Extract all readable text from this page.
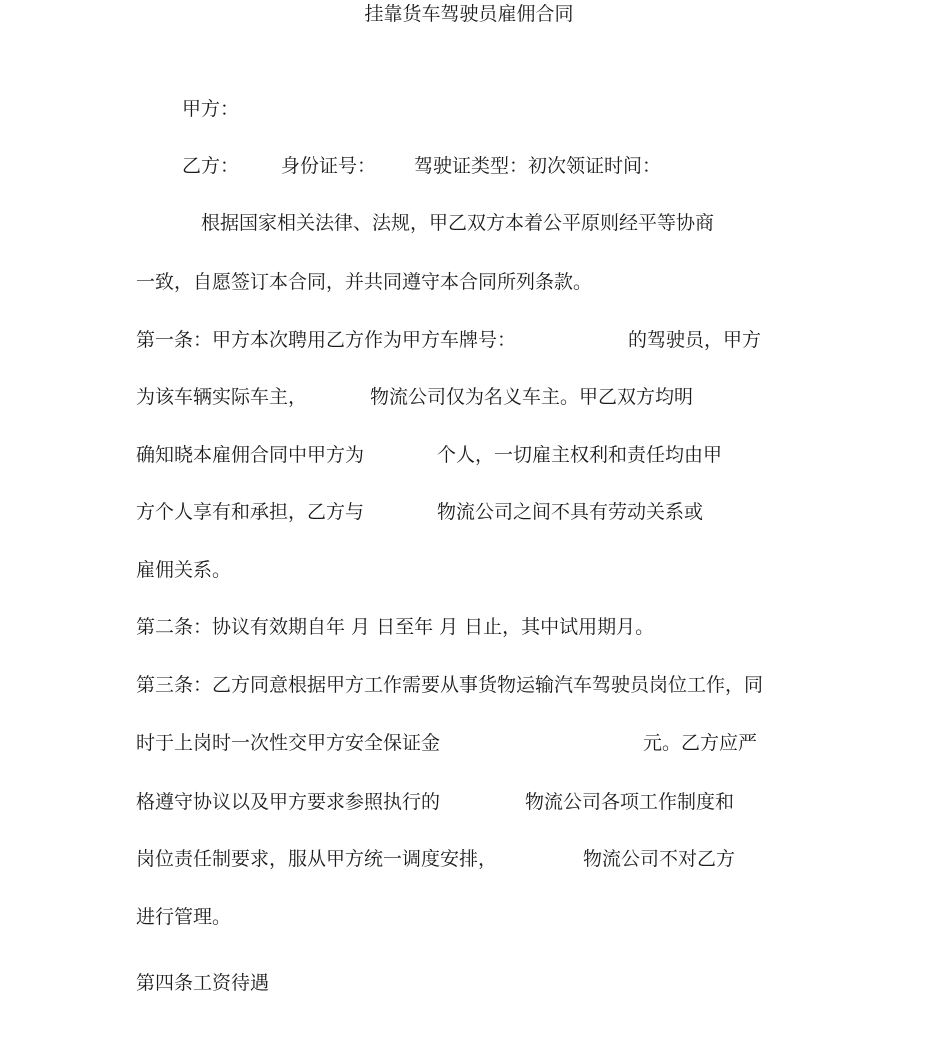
挂靠货车驾驶员雇佣合同
甲方：
乙方： 身份证号： 驾驶证类型：初次领证时间：
根据国家相关法律、法规，甲乙双方本着公平原则经平等协商
一致，自愿签订本合同，并共同遵守本合同所列条款。
第一条：甲方本次聘用乙方作为甲方车牌号：	的驾驶员，甲方
为该车辆实际车主，	物流公司仅为名义车主。甲乙双方均明
确知晓本雇佣合同中甲方为	个人，一切雇主权利和责任均由甲
方个人享有和承担，乙方与	物流公司之间不具有劳动关系或
雇佣关系。
第二条：协议有效期自年 月 日至年 月 日止，其中试用期月。
第三条：乙方同意根据甲方工作需要从事货物运输汽车驾驶员岗位工作，同
时于上岗时一次性交甲方安全保证金	元。乙方应严
格遵守协议以及甲方要求参照执行的	物流公司各项工作制度和
岗位责任制要求，服从甲方统一调度安排，	物流公司不对乙方
进行管理。
第四条工资待遇
